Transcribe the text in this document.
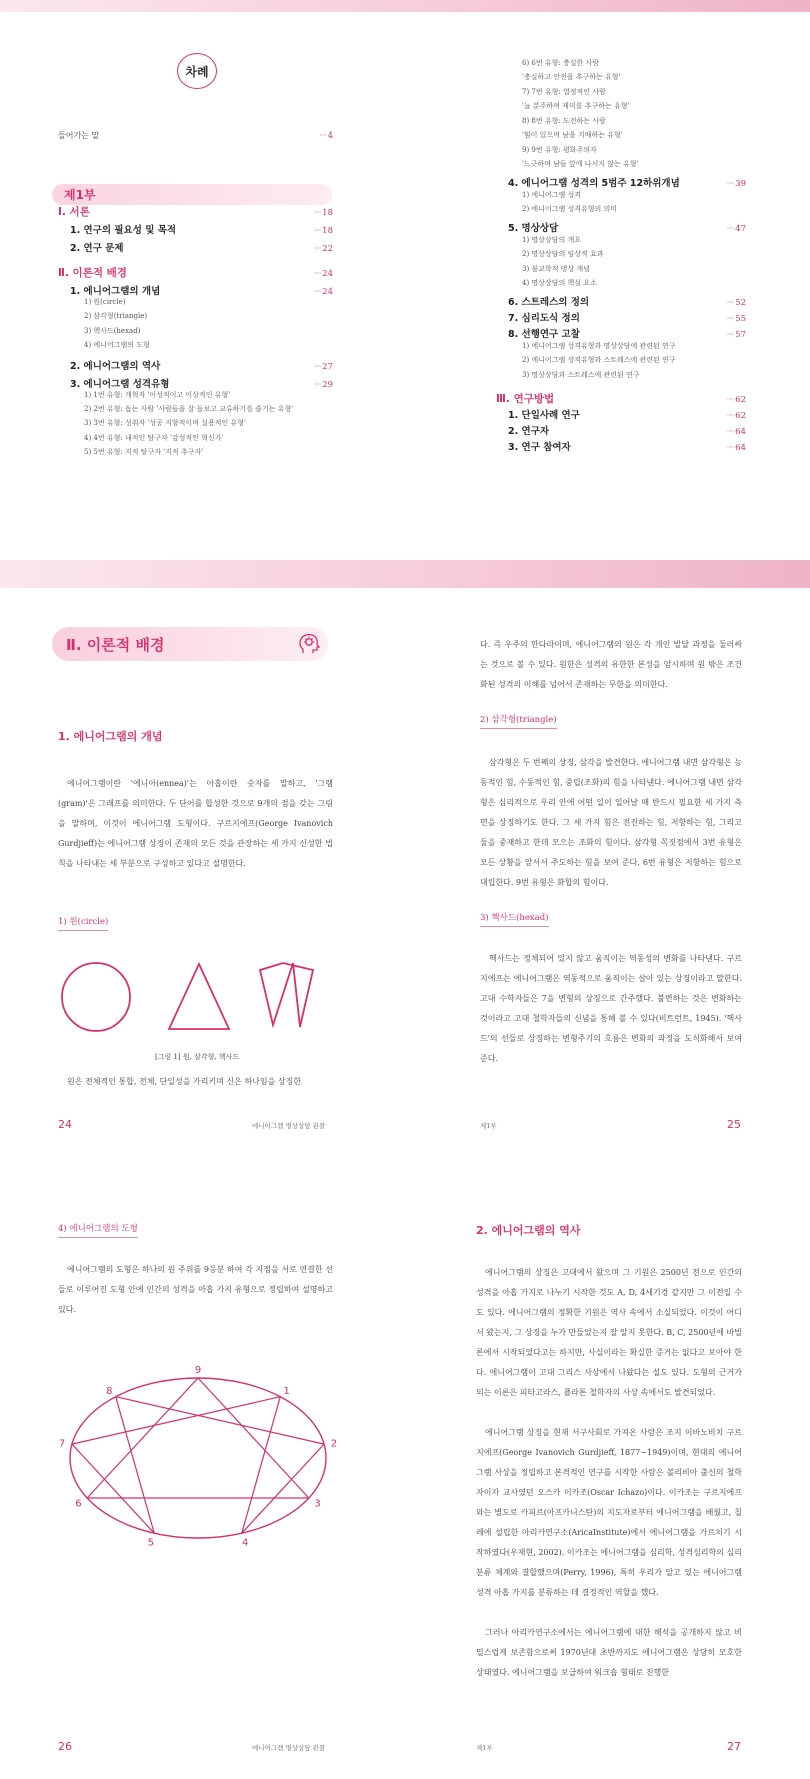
차례
들어가는 말	···· 4
Ⅰ. 서론	···· 18
1. 연구의 필요성 및 목적	···· 18
2. 연구 문제	···· 22
Ⅱ. 이론적 배경	···· 24
1. 에니어그램의 개념	···· 24
1) 원(circle)
2) 삼각형(triangle)
3) 헥사드(hexad)
4) 에니어그램의 도형
2. 에니어그램의 역사	···· 27
3. 에니어그램 성격유형	···· 29
1) 1번 유형: 개혁자 '이성적이고 이상적인 유형'
2) 2번 유형: 돕는 사람 '사람들을 잘 돌보고 교류하기를 즐기는 유형'
3) 3번 유형: 성취자 '성공 지향적이며 실용적인 유형'
4) 4번 유형: 내적인 탐구자 '감성적인 혁신가'
5) 5번 유형: 지적 탐구자 '지적 추구자'
제1부
6) 6번 유형: 충실한 사람
'충실하고 안전을 추구하는 유형'
7) 7번 유형: 열정적인 사람
'늘 분주하며 재미를 추구하는 유형'
8) 8번 유형: 도전하는 사람
'힘이 있으며 남을 지배하는 유형'
9) 9번 유형: 평화주의자
'느긋하며 남들 앞에 나서지 않는 유형'
4. 에니어그램 성격의 5범주 12하위개념	···· 39
1) 에니어그램 성격
2) 에니어그램 성격유형의 의미
5. 명상상담	···· 47
1) 명상상담의 개요
2) 명상상담의 임상적 효과
3) 불교학적 명상 개념
4) 명상상담의 핵심 요소
6. 스트레스의 정의	···· 52
7. 심리도식 정의	···· 55
8. 선행연구 고찰	···· 57
1) 에니어그램 성격유형과 명상상담에 관련된 연구
2) 에니어그램 성격유형과 스트레스에 관련된 연구
3) 명상상담과 스트레스에 관련된 연구
Ⅲ. 연구방법	···· 62
1. 단일사례 연구	···· 62
2. 연구자	···· 64
3. 연구 참여자	···· 64
Ⅱ. 이론적 배경
1. 에니어그램의 개념
에니어그램이란 '에니아(ennea)'는 아홉이란 숫자를 말하고, '그램(gram)'은 그래프를 의미한다. 두 단어를 합성한 것으로 9개의 점을 갖는 그림을 말하며, 이것이 에니어그램 도형이다. 구르지에프(George Ivanovich Gurdjieff)는 에니어그램 상징이 존재의 모든 것을 관장하는 세 가지 신성한 법칙을 나타내는 세 부분으로 구성하고 있다고 설명한다.
1) 원(circle)
[그림 1] 원, 삼각형, 헥사드
원은 전체적인 통합, 전체, 단일성을 가리키며 신은 하나임을 상징한
24	에니어그램 명상상담 관찰
다. 즉 우주의 만다라이며, 에니어그램의 원은 각 개인 발달 과정을 둘러싸는 것으로 볼 수 있다. 원한은 성격의 유한한 본성을 암시하며 원 밖은 조건화된 성격의 이해를 넘어서 존재하는 무한을 의미한다.
2) 삼각형(triangle)
삼각형은 두 번째의 상징, 삼각을 발견한다. 에니어그램 내면 삼각형은 능동적인 힘, 수동적인 힘, 중립(조화)의 힘을 나타낸다. 에니어그램 내면 삼각형은 심리적으로 우리 안에 어떤 일이 일어날 때 반드시 필요한 세 가지 측면을 상징하기도 한다. 그 세 가지 힘은 전진하는 힘, 저항하는 힘, 그리고 둘을 중재하고 한데 모으는 조화의 힘이다. 삼각형 꼭짓점에서 3번 유형은 모든 상황을 앞서서 주도하는 힘을 보여 준다. 6번 유형은 저항하는 힘으로 대립한다. 9번 유형은 화합의 힘이다.
3) 헥사드(hexad)
헥사드는 정체되어 있지 않고 움직이는 역동성의 변화를 나타낸다. 구르지에프는 에니어그램은 역동적으로 움직이는 살아 있는 상징이라고 말한다. 고대 수학자들은 7을 변형의 상징으로 간주했다. 불변하는 것은 변화하는 것이라고 고대 철학자들의 신념을 통해 볼 수 있다(비트런트, 1945). '헥사드'의 선들로 상징하는 변형주기의 흐름은 변화의 과정을 도식화해서 보여 준다.
제1부	25
4) 에니어그램의 도형
에니어그램의 도형은 하나의 원 주위를 9등분 하여 각 지점을 서로 연결한 선들로 이루어진 도형 안에 인간의 성격을 아홉 가지 유형으로 정립하여 설명하고 있다.
9
1
2
3
4
5
6
7
8
26	에니어그램 명상상담 관찰
2. 에니어그램의 역사
에니어그램의 상징은 고대에서 왔으며 그 기원은 2500년 전으로 인간의 성격을 아홉 가지로 나누기 시작한 것도 A, D, 4세기경 같지만 그 이전일 수도 있다. 에니어그램의 정확한 기원은 역사 속에서 소실되었다. 이것이 어디서 왔는지, 그 상징을 누가 만들었는지 잘 알지 못한다. B, C, 2500년에 바빌론에서 시작되었다고는 하지만, 사실이라는 확실한 증거는 없다고 보아야 한다. 에니어그램이 고대 그리스 사상에서 나왔다는 설도 있다. 도형의 근거가 되는 이론은 피타고라스, 플라톤 철학자의 사상 속에서도 발견되었다.
에니어그램 상징을 현재 서구사회로 가져온 사람은 조지 이바노비치 구르지에프(George Ivanovich Gurdjieff, 1877~1949)이며, 현대의 에니어그램 사상을 정립하고 본격적인 연구를 시작한 사람은 볼리비아 출신의 철학자이자 교사였던 오스카 이카조(Oscar Ichazo)이다. 이카조는 구르지에프와는 별도로 카피르(아프카니스탄)의 지도자로부터 에니어그램을 배웠고, 칠레에 설립한 아리카연구소(AricaInstitute)에서 에니어그램을 가르치기 시작하였다(우재현, 2002). 이카조는 에니어그램을 심리학, 성격심리학의 심리 분류 체계와 결합했으며(Perry, 1996), 특히 우리가 알고 있는 에니어그램 성격 아홉 가지를 분류하는 데 결정적인 역할을 했다.
그러나 아리카연구소에서는 에니어그램에 대한 해석을 공개하지 않고 비밀스럽게 보존함으로써 1970년대 초반까지도 에니어그램은 상당히 모호한 상태였다. 에니어그램을 보급하여 워크숍 형태로 진행한
제1부	27
